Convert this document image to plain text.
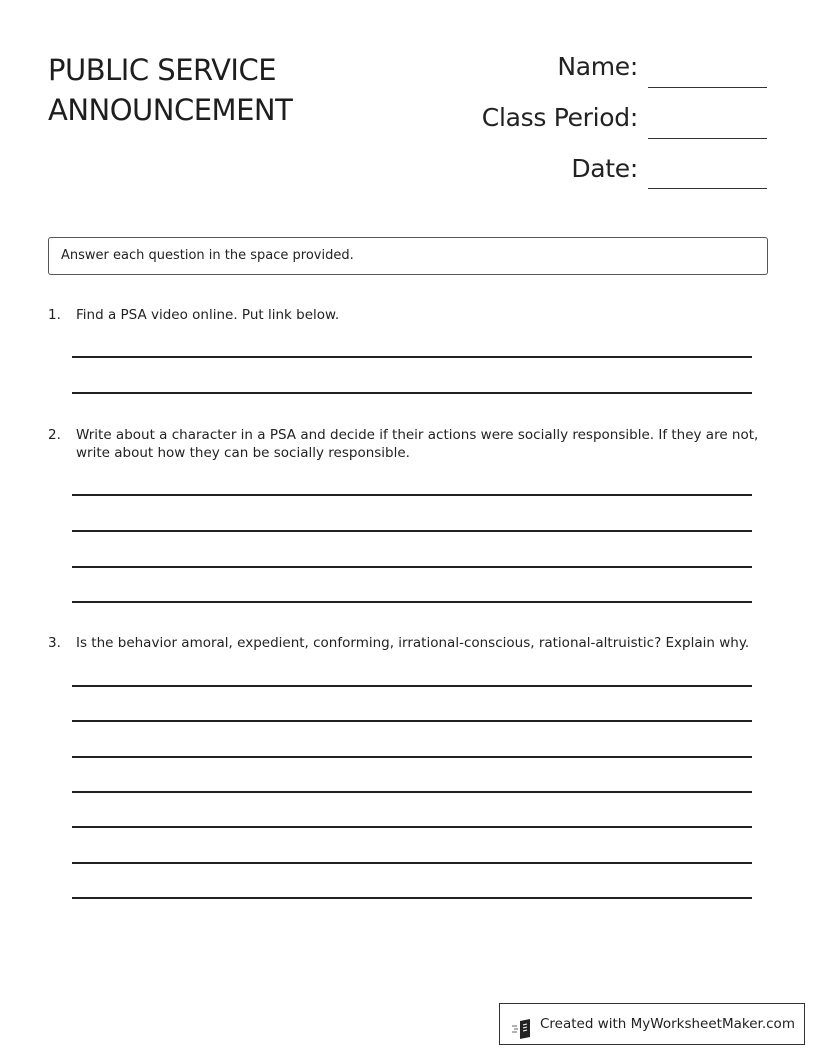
PUBLIC SERVICE
ANNOUNCEMENT
Name:
Class Period:
Date:
Answer each question in the space provided.
1. Find a PSA video online. Put link below.
2. Write about a character in a PSA and decide if their actions were socially responsible. If they are not, write about how they can be socially responsible.
3. Is the behavior amoral, expedient, conforming, irrational-conscious, rational-altruistic? Explain why.
Created with MyWorksheetMaker.com
